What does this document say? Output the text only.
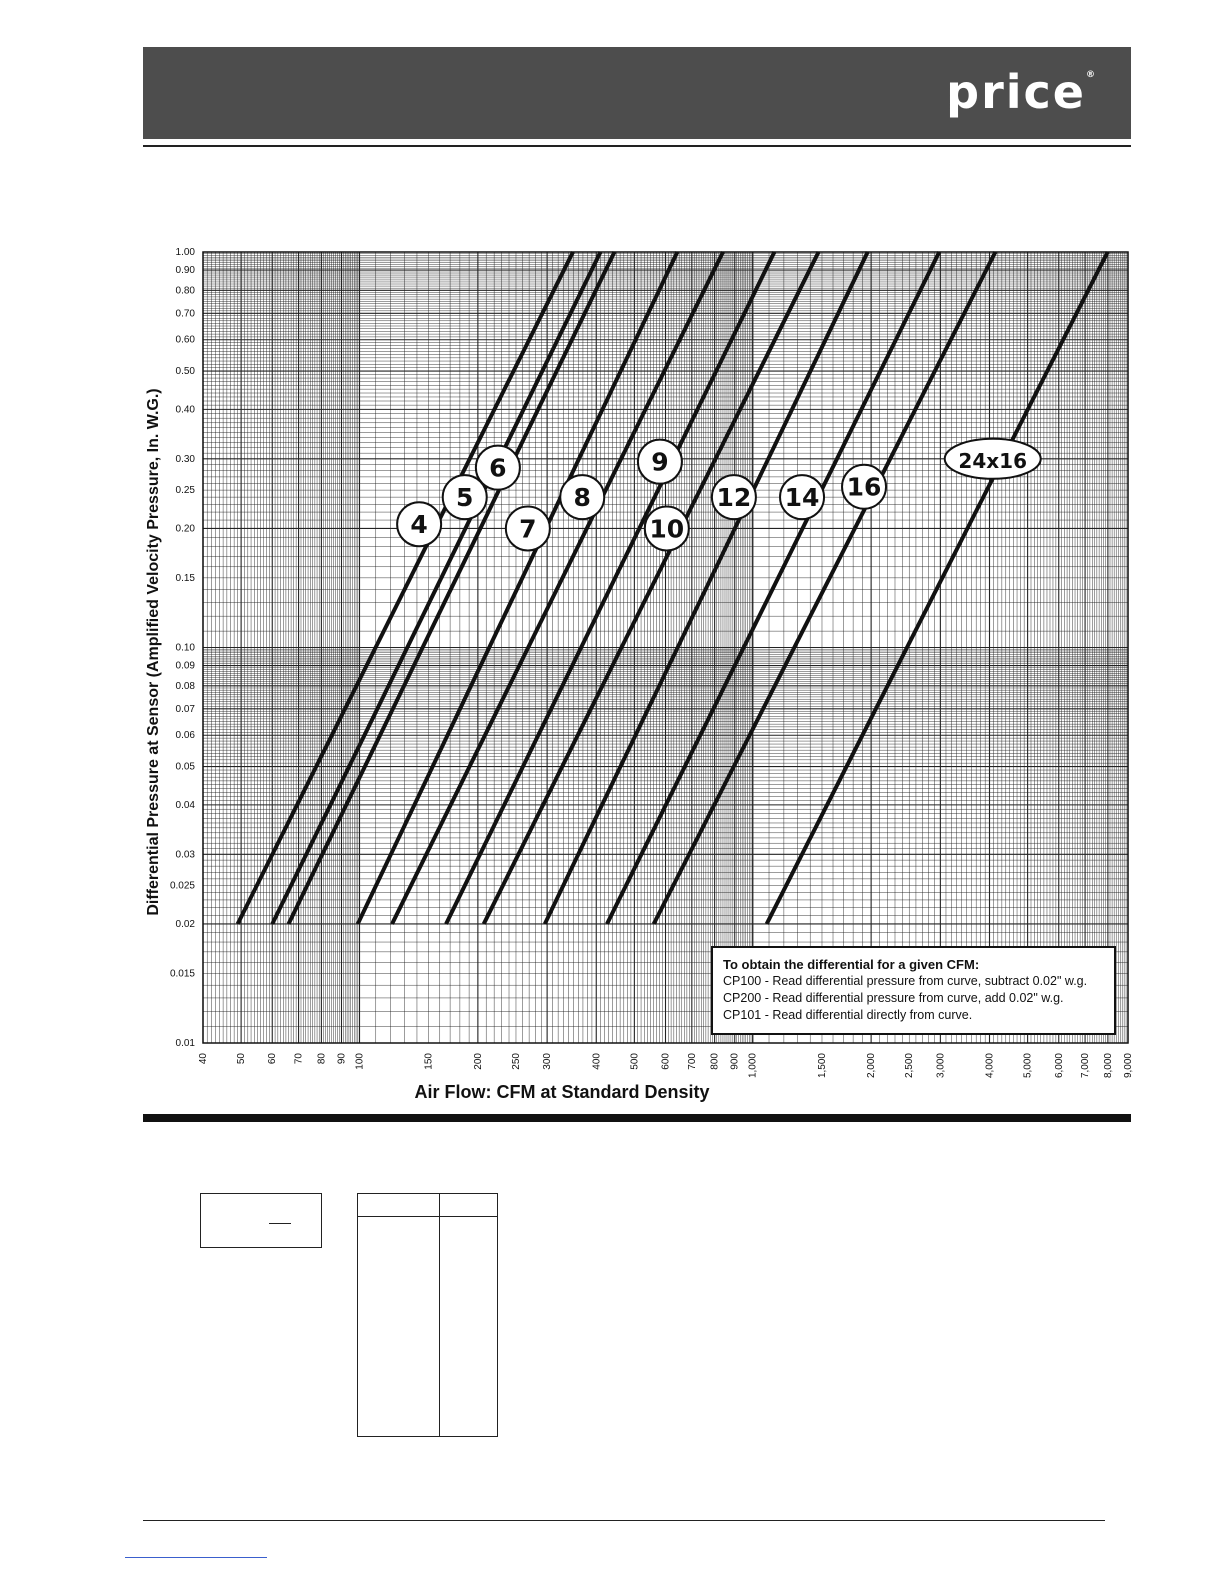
price®
0.01
0.015
0.02
0.025
0.03
0.04
0.05
0.06
0.07
0.08
0.09
0.10
0.15
0.20
0.25
0.30
0.40
0.50
0.60
0.70
0.80
0.90
1.00
40	50 60 70 80 90 100	150	200	250 300	400	500 600 700 800 900 1,000	1,500	2,000	2,500 3,000	4,000	5,000 6,000 7,000 8,000 9,000
4
5
6
7
8
9
10
12 14 16
24x16
Air Flow: CFM at Standard Density
Differential Pressure at Sensor (Amplified Velocity Pressure, In. W.G.)
To obtain the differential for a given CFM:
CP100 - Read differential pressure from curve, subtract 0.02" w.g.
CP200 - Read differential pressure from curve, add 0.02" w.g.
CP101 - Read differential directly from curve.
